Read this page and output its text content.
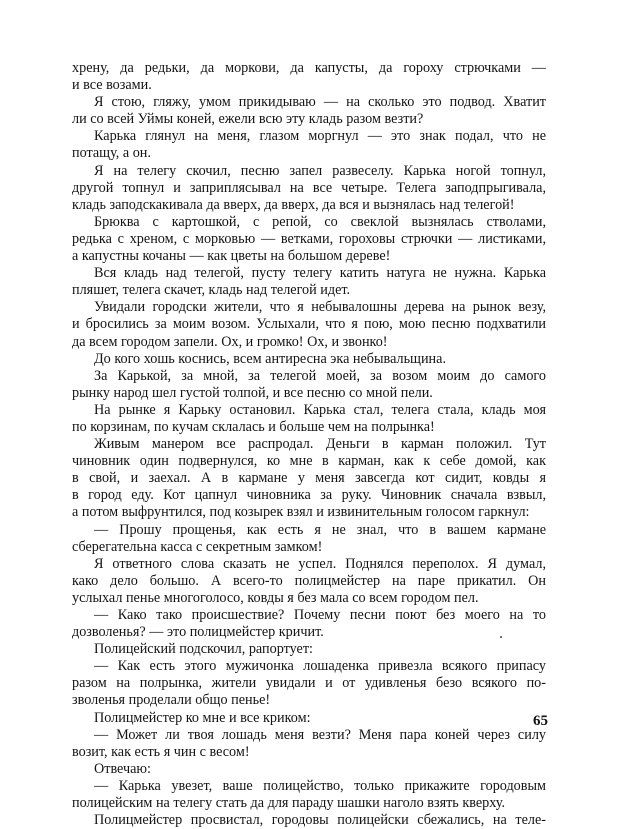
хрену, да редьки, да моркови, да капусты, да гороху стрючками —
и все возами.
Я стою, гляжу, умом прикидываю — на сколько это подвод. Хватит
ли со всей Уймы коней, ежели всю эту кладь разом везти?
Карька глянул на меня, глазом моргнул — это знак подал, что не
потащу, а он.
Я на телегу скочил, песню запел развеселу. Карька ногой топнул,
другой топнул и заприплясывал на все четыре. Телега заподпрыгивала,
кладь заподскакивала да вверх, да вверх, да вся и вызнялась над телегой!
Брюква с картошкой, с репой, со свеклой вызнялась стволами,
редька с хреном, с морковью — ветками, гороховы стрючки — листиками,
а капустны кочаны — как цветы на большом дереве!
Вся кладь над телегой, пусту телегу катить натуга не нужна. Карька
пляшет, телега скачет, кладь над телегой идет.
Увидали городски жители, что я небывалошны дерева на рынок везу,
и бросились за моим возом. Услыхали, что я пою, мою песню подхватили
да всем городом запели. Ох, и громко! Ох, и звонко!
До кого хошь коснись, всем антиресна эка небывальщина.
За Карькой, за мной, за телегой моей, за возом моим до самого
рынку народ шел густой толпой, и все песню со мной пели.
На рынке я Карьку остановил. Карька стал, телега стала, кладь моя
по корзинам, по кучам склалась и больше чем на полрынка!
Живым манером все распродал. Деньги в карман положил. Тут
чиновник один подвернулся, ко мне в карман, как к себе домой, как
в свой, и заехал. А в кармане у меня завсегда кот сидит, ковды я
в город еду. Кот цапнул чиновника за руку. Чиновник сначала взвыл,
а потом выфрунтился, под козырек взял и извинительным голосом гаркнул:
— Прошу прощенья, как есть я не знал, что в вашем кармане
сберегательна касса с секретным замком!
Я ответного слова сказать не успел. Поднялся переполох. Я думал,
како дело большо. А всего-то полицмейстер на паре прикатил. Он
услыхал пенье многоголосо, ковды я без мала со всем городом пел.
— Како тако происшествие? Почему песни поют без моего на то
дозволенья? — это полицмейстер кричит.
Полицейский подскочил, рапортует:
— Как есть этого мужичонка лошаденка привезла всякого припасу
разом на полрынка, жители увидали и от удивленья безо всякого по-
зволенья проделали общо пенье!
Полицмейстер ко мне и все криком:
— Может ли твоя лошадь меня везти? Меня пара коней через силу
возит, как есть я чин с весом!
Отвечаю:
— Карька увезет, ваше полицейство, только прикажите городовым
полицейским на телегу стать да для параду шашки наголо взять кверху.
Полицмейстер просвистал, городовы полицейски сбежались, на теле-
65
